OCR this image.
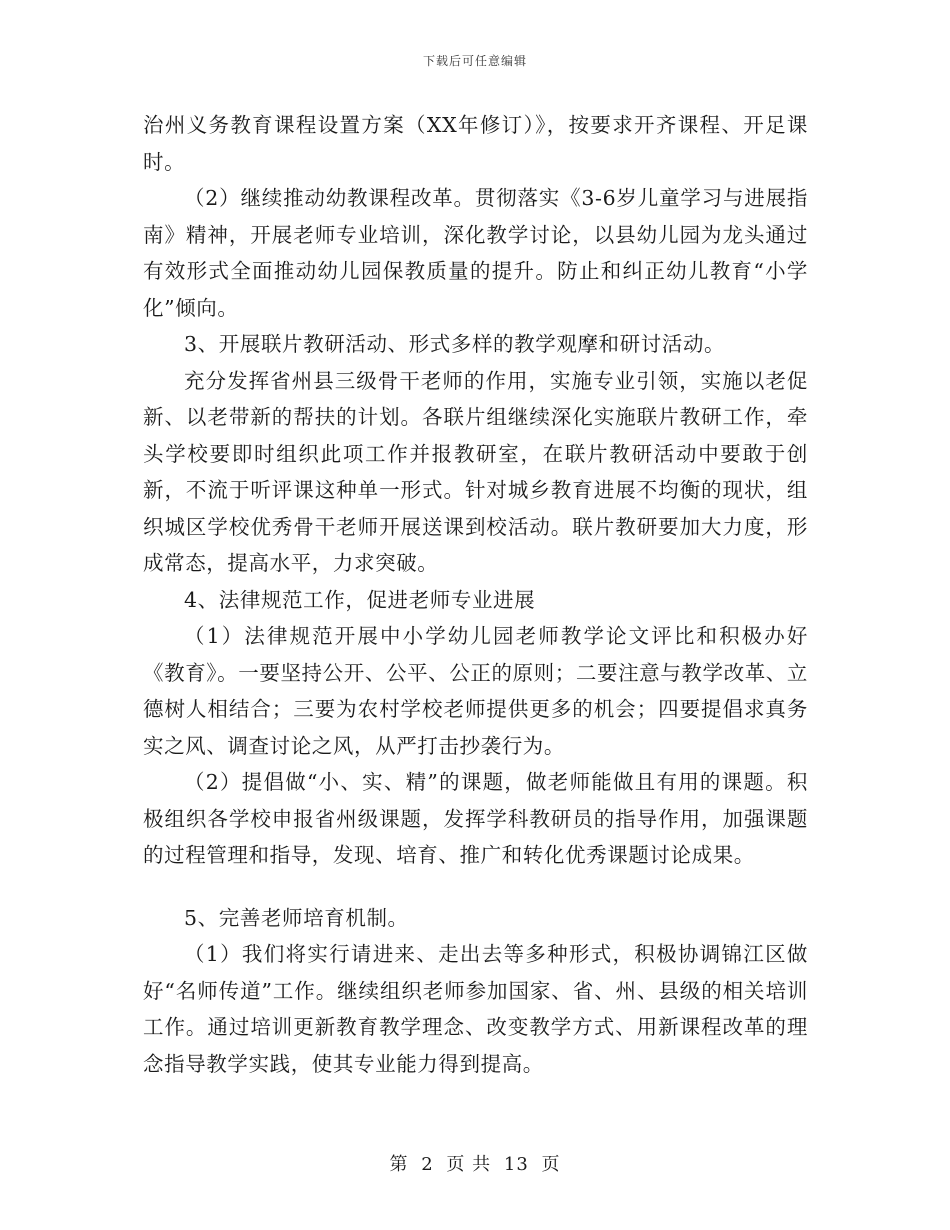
下载后可任意编辑

治州义务教育课程设置方案（XX年修订）》，按要求开齐课程、开足课时。

（2）继续推动幼教课程改革。贯彻落实《3-6岁儿童学习与进展指南》精神，开展老师专业培训，深化教学讨论，以县幼儿园为龙头通过有效形式全面推动幼儿园保教质量的提升。防止和纠正幼儿教育“小学化”倾向。

3、开展联片教研活动、形式多样的教学观摩和研讨活动。

充分发挥省州县三级骨干老师的作用，实施专业引领，实施以老促新、以老带新的帮扶的计划。各联片组继续深化实施联片教研工作，牵头学校要即时组织此项工作并报教研室，在联片教研活动中要敢于创新，不流于听评课这种单一形式。针对城乡教育进展不均衡的现状，组织城区学校优秀骨干老师开展送课到校活动。联片教研要加大力度，形成常态，提高水平，力求突破。

4、法律规范工作，促进老师专业进展

（1）法律规范开展中小学幼儿园老师教学论文评比和积极办好《教育》。一要坚持公开、公平、公正的原则；二要注意与教学改革、立德树人相结合；三要为农村学校老师提供更多的机会；四要提倡求真务实之风、调查讨论之风，从严打击抄袭行为。

（2）提倡做“小、实、精”的课题，做老师能做且有用的课题。积极组织各学校申报省州级课题，发挥学科教研员的指导作用，加强课题的过程管理和指导，发现、培育、推广和转化优秀课题讨论成果。

5、完善老师培育机制。

（1）我们将实行请进来、走出去等多种形式，积极协调锦江区做好“名师传道”工作。继续组织老师参加国家、省、州、县级的相关培训工作。通过培训更新教育教学理念、改变教学方式、用新课程改革的理念指导教学实践，使其专业能力得到提高。

第 2 页 共 13 页
